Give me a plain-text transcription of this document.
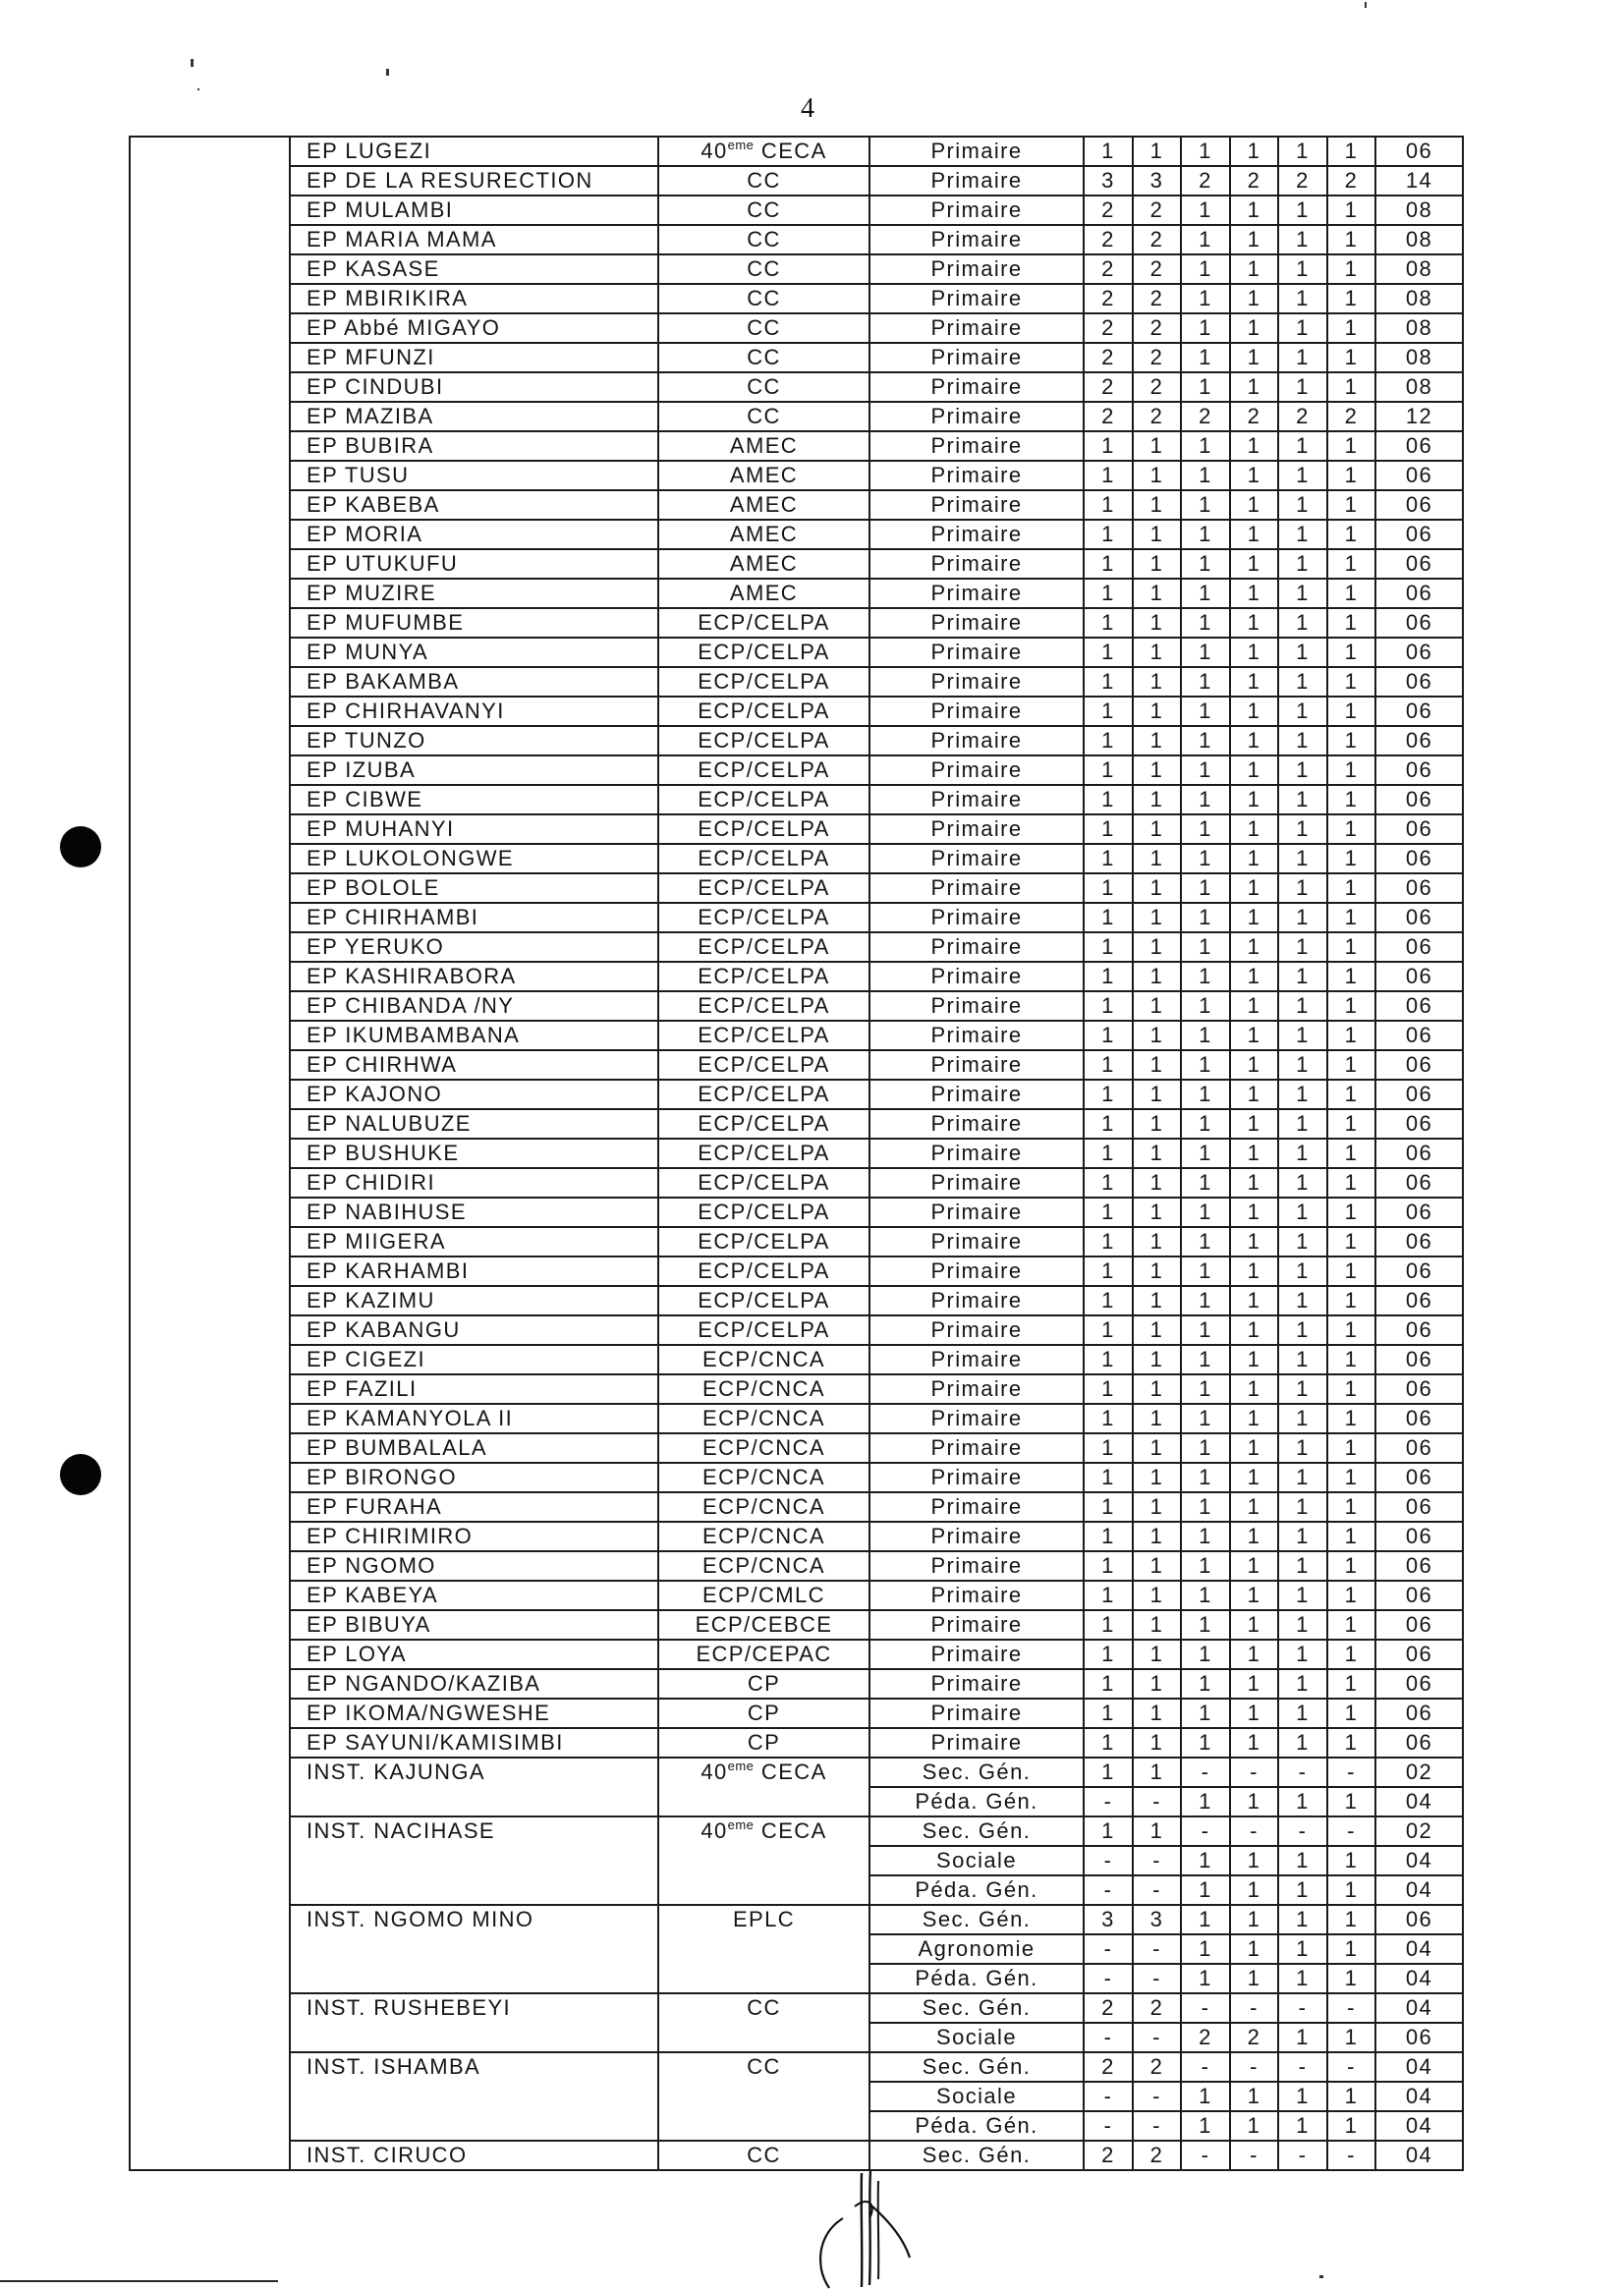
4
	EP LUGEZI	40eme CECA	Primaire	1	1	1	1	1	1	06
	EP DE LA RESURECTION	CC	Primaire	3	3	2	2	2	2	14
	EP MULAMBI	CC	Primaire	2	2	1	1	1	1	08
	EP MARIA MAMA	CC	Primaire	2	2	1	1	1	1	08
	EP KASASE	CC	Primaire	2	2	1	1	1	1	08
	EP MBIRIKIRA	CC	Primaire	2	2	1	1	1	1	08
	EP Abbé MIGAYO	CC	Primaire	2	2	1	1	1	1	08
	EP MFUNZI	CC	Primaire	2	2	1	1	1	1	08
	EP CINDUBI	CC	Primaire	2	2	1	1	1	1	08
	EP MAZIBA	CC	Primaire	2	2	2	2	2	2	12
	EP BUBIRA	AMEC	Primaire	1	1	1	1	1	1	06
	EP TUSU	AMEC	Primaire	1	1	1	1	1	1	06
	EP KABEBA	AMEC	Primaire	1	1	1	1	1	1	06
	EP MORIA	AMEC	Primaire	1	1	1	1	1	1	06
	EP UTUKUFU	AMEC	Primaire	1	1	1	1	1	1	06
	EP MUZIRE	AMEC	Primaire	1	1	1	1	1	1	06
	EP MUFUMBE	ECP/CELPA	Primaire	1	1	1	1	1	1	06
	EP MUNYA	ECP/CELPA	Primaire	1	1	1	1	1	1	06
	EP BAKAMBA	ECP/CELPA	Primaire	1	1	1	1	1	1	06
	EP CHIRHAVANYI	ECP/CELPA	Primaire	1	1	1	1	1	1	06
	EP TUNZO	ECP/CELPA	Primaire	1	1	1	1	1	1	06
	EP IZUBA	ECP/CELPA	Primaire	1	1	1	1	1	1	06
	EP CIBWE	ECP/CELPA	Primaire	1	1	1	1	1	1	06
	EP MUHANYI	ECP/CELPA	Primaire	1	1	1	1	1	1	06
	EP LUKOLONGWE	ECP/CELPA	Primaire	1	1	1	1	1	1	06
	EP BOLOLE	ECP/CELPA	Primaire	1	1	1	1	1	1	06
	EP CHIRHAMBI	ECP/CELPA	Primaire	1	1	1	1	1	1	06
	EP YERUKO	ECP/CELPA	Primaire	1	1	1	1	1	1	06
	EP KASHIRABORA	ECP/CELPA	Primaire	1	1	1	1	1	1	06
	EP CHIBANDA /NY	ECP/CELPA	Primaire	1	1	1	1	1	1	06
	EP IKUMBAMBANA	ECP/CELPA	Primaire	1	1	1	1	1	1	06
	EP CHIRHWA	ECP/CELPA	Primaire	1	1	1	1	1	1	06
	EP KAJONO	ECP/CELPA	Primaire	1	1	1	1	1	1	06
	EP NALUBUZE	ECP/CELPA	Primaire	1	1	1	1	1	1	06
	EP BUSHUKE	ECP/CELPA	Primaire	1	1	1	1	1	1	06
	EP CHIDIRI	ECP/CELPA	Primaire	1	1	1	1	1	1	06
	EP NABIHUSE	ECP/CELPA	Primaire	1	1	1	1	1	1	06
	EP MIIGERA	ECP/CELPA	Primaire	1	1	1	1	1	1	06
	EP KARHAMBI	ECP/CELPA	Primaire	1	1	1	1	1	1	06
	EP KAZIMU	ECP/CELPA	Primaire	1	1	1	1	1	1	06
	EP KABANGU	ECP/CELPA	Primaire	1	1	1	1	1	1	06
	EP CIGEZI	ECP/CNCA	Primaire	1	1	1	1	1	1	06
	EP FAZILI	ECP/CNCA	Primaire	1	1	1	1	1	1	06
	EP KAMANYOLA II	ECP/CNCA	Primaire	1	1	1	1	1	1	06
	EP BUMBALALA	ECP/CNCA	Primaire	1	1	1	1	1	1	06
	EP BIRONGO	ECP/CNCA	Primaire	1	1	1	1	1	1	06
	EP FURAHA	ECP/CNCA	Primaire	1	1	1	1	1	1	06
	EP CHIRIMIRO	ECP/CNCA	Primaire	1	1	1	1	1	1	06
	EP NGOMO	ECP/CNCA	Primaire	1	1	1	1	1	1	06
	EP KABEYA	ECP/CMLC	Primaire	1	1	1	1	1	1	06
	EP BIBUYA	ECP/CEBCE	Primaire	1	1	1	1	1	1	06
	EP LOYA	ECP/CEPAC	Primaire	1	1	1	1	1	1	06
	EP NGANDO/KAZIBA	CP	Primaire	1	1	1	1	1	1	06
	EP IKOMA/NGWESHE	CP	Primaire	1	1	1	1	1	1	06
	EP SAYUNI/KAMISIMBI	CP	Primaire	1	1	1	1	1	1	06
	INST. KAJUNGA	40eme CECA	Sec. Gén.	1	1	-	-	-	-	02
			Péda. Gén.	-	-	1	1	1	1	04
	INST. NACIHASE	40eme CECA	Sec. Gén.	1	1	-	-	-	-	02
			Sociale	-	-	1	1	1	1	04
			Péda. Gén.	-	-	1	1	1	1	04
	INST. NGOMO MINO	EPLC	Sec. Gén.	3	3	1	1	1	1	06
			Agronomie	-	-	1	1	1	1	04
			Péda. Gén.	-	-	1	1	1	1	04
	INST. RUSHEBEYI	CC	Sec. Gén.	2	2	-	-	-	-	04
			Sociale	-	-	2	2	1	1	06
	INST. ISHAMBA	CC	Sec. Gén.	2	2	-	-	-	-	04
			Sociale	-	-	1	1	1	1	04
			Péda. Gén.	-	-	1	1	1	1	04
	INST. CIRUCO	CC	Sec. Gén.	2	2	-	-	-	-	04
